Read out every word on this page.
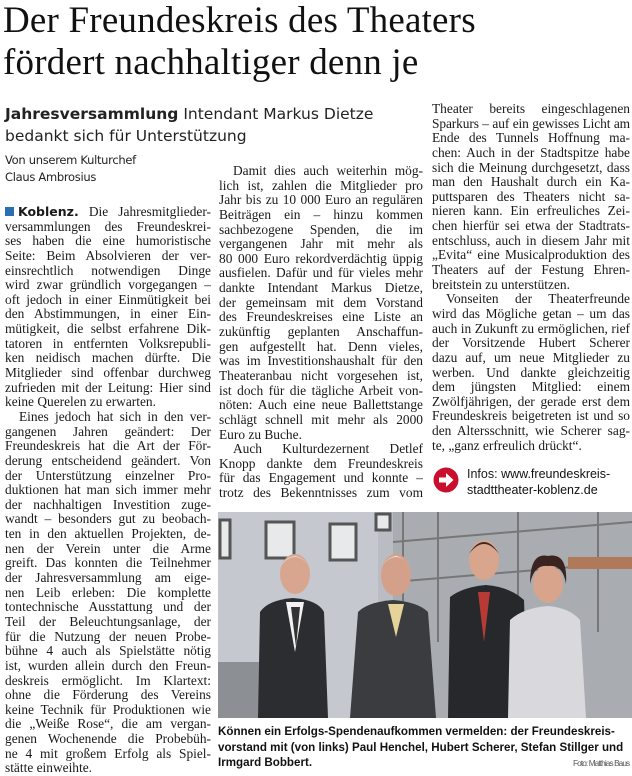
Der Freundeskreis des Theaters
fördert nachhaltiger denn je
Jahresversammlung Intendant Markus Dietze bedankt sich für Unterstützung
Von unserem Kulturchef
Claus Ambrosius
Koblenz. Die Jahresmitglieder-
versammlungen des Freundeskrei-
ses haben die eine humoristische
Seite: Beim Absolvieren der ver-
einsrechtlich notwendigen Dinge
wird zwar gründlich vorgegangen –
oft jedoch in einer Einmütigkeit bei
den Abstimmungen, in einer Ein-
mütigkeit, die selbst erfahrene Dik-
tatoren in entfernten Volksrepubli-
ken neidisch machen dürfte. Die
Mitglieder sind offenbar durchweg
zufrieden mit der Leitung: Hier sind
keine Querelen zu erwarten.
Eines jedoch hat sich in den ver-
gangenen Jahren geändert: Der
Freundeskreis hat die Art der För-
derung entscheidend geändert. Von
der Unterstützung einzelner Pro-
duktionen hat man sich immer mehr
der nachhaltigen Investition zuge-
wandt – besonders gut zu beobach-
ten in den aktuellen Projekten, de-
nen der Verein unter die Arme
greift. Das konnten die Teilnehmer
der Jahresversammlung am eige-
nen Leib erleben: Die komplette
tontechnische Ausstattung und der
Teil der Beleuchtungsanlage, der
für die Nutzung der neuen Probe-
bühne 4 auch als Spielstätte nötig
ist, wurden allein durch den Freun-
deskreis ermöglicht. Im Klartext:
ohne die Förderung des Vereins
keine Technik für Produktionen wie
die „Weiße Rose“, die am vergan-
genen Wochenende die Probebüh-
ne 4 mit großem Erfolg als Spiel-
stätte einweihte.
Damit dies auch weiterhin mög-
lich ist, zahlen die Mitglieder pro
Jahr bis zu 10 000 Euro an regulären
Beiträgen ein – hinzu kommen
sachbezogene Spenden, die im
vergangenen Jahr mit mehr als
80 000 Euro rekordverdächtig üppig
ausfielen. Dafür und für vieles mehr
dankte Intendant Markus Dietze,
der gemeinsam mit dem Vorstand
des Freundeskreises eine Liste an
zukünftig geplanten Anschaffun-
gen aufgestellt hat. Denn vieles,
was im Investitionshaushalt für den
Theateranbau nicht vorgesehen ist,
ist doch für die tägliche Arbeit von-
nöten: Auch eine neue Ballettstange
schlägt schnell mit mehr als 2000
Euro zu Buche.
Auch Kulturdezernent Detlef
Knopp dankte dem Freundeskreis
für das Engagement und konnte –
trotz des Bekenntnisses zum vom
Theater bereits eingeschlagenen
Sparkurs – auf ein gewisses Licht am
Ende des Tunnels Hoffnung ma-
chen: Auch in der Stadtspitze habe
sich die Meinung durchgesetzt, dass
man den Haushalt durch ein Ka-
puttsparen des Theaters nicht sa-
nieren kann. Ein erfreuliches Zei-
chen hierfür sei etwa der Stadtrats-
entschluss, auch in diesem Jahr mit
„Evita“ eine Musicalproduktion des
Theaters auf der Festung Ehren-
breitstein zu unterstützen.
Vonseiten der Theaterfreunde
wird das Mögliche getan – um das
auch in Zukunft zu ermöglichen, rief
der Vorsitzende Hubert Scherer
dazu auf, um neue Mitglieder zu
werben. Und dankte gleichzeitig
dem jüngsten Mitglied: einem
Zwölfjährigen, der gerade erst dem
Freundeskreis beigetreten ist und so
den Altersschnitt, wie Scherer sag-
te, „ganz erfreulich drückt“.
Infos: www.freundeskreis-
stadttheater-koblenz.de
Können ein Erfolgs-Spendenaufkommen vermelden: der Freundeskreis-
vorstand mit (von links) Paul Henchel, Hubert Scherer, Stefan Stillger und
Irmgard Bobbert.	Foto: Matthias Baus
